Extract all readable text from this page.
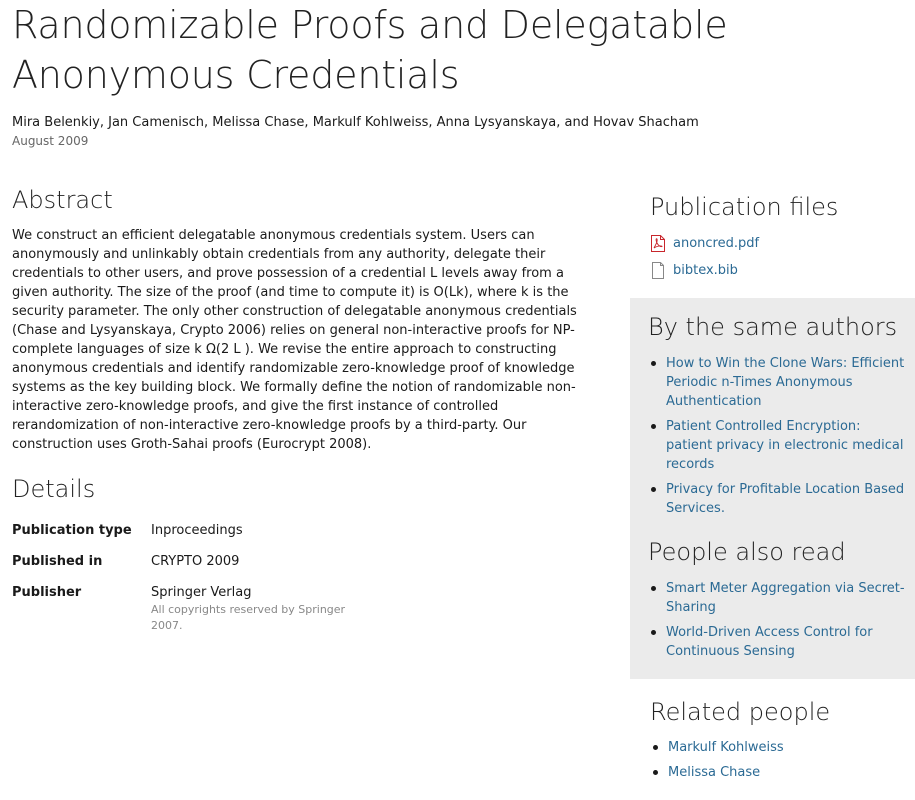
Randomizable Proofs and Delegatable Anonymous Credentials
Mira Belenkiy, Jan Camenisch, Melissa Chase, Markulf Kohlweiss, Anna Lysyanskaya, and Hovav Shacham
August 2009
Abstract

We construct an efficient delegatable anonymous credentials system. Users can anonymously and unlinkably obtain credentials from any authority, delegate their credentials to other users, and prove possession of a credential L levels away from a given authority. The size of the proof (and time to compute it) is O(Lk), where k is the security parameter. The only other construction of delegatable anonymous credentials (Chase and Lysyanskaya, Crypto 2006) relies on general non-interactive proofs for NP-complete languages of size k Ω(2 L ). We revise the entire approach to constructing anonymous credentials and identify randomizable zero-knowledge proof of knowledge systems as the key building block. We formally define the notion of randomizable non-interactive zero-knowledge proofs, and give the first instance of controlled rerandomization of non-interactive zero-knowledge proofs by a third-party. Our construction uses Groth-Sahai proofs (Eurocrypt 2008).

Details
Publication type	Inproceedings
Published in	CRYPTO 2009
Publisher	Springer Verlag
All copyrights reserved by Springer 2007.
Publication files
anoncred.pdf
bibtex.bib
By the same authors
How to Win the Clone Wars: Efficient Periodic n-Times Anonymous Authentication
Patient Controlled Encryption: patient privacy in electronic medical records
Privacy for Profitable Location Based Services.
People also read
Smart Meter Aggregation via Secret-Sharing
World-Driven Access Control for Continuous Sensing
Related people
Markulf Kohlweiss
Melissa Chase
